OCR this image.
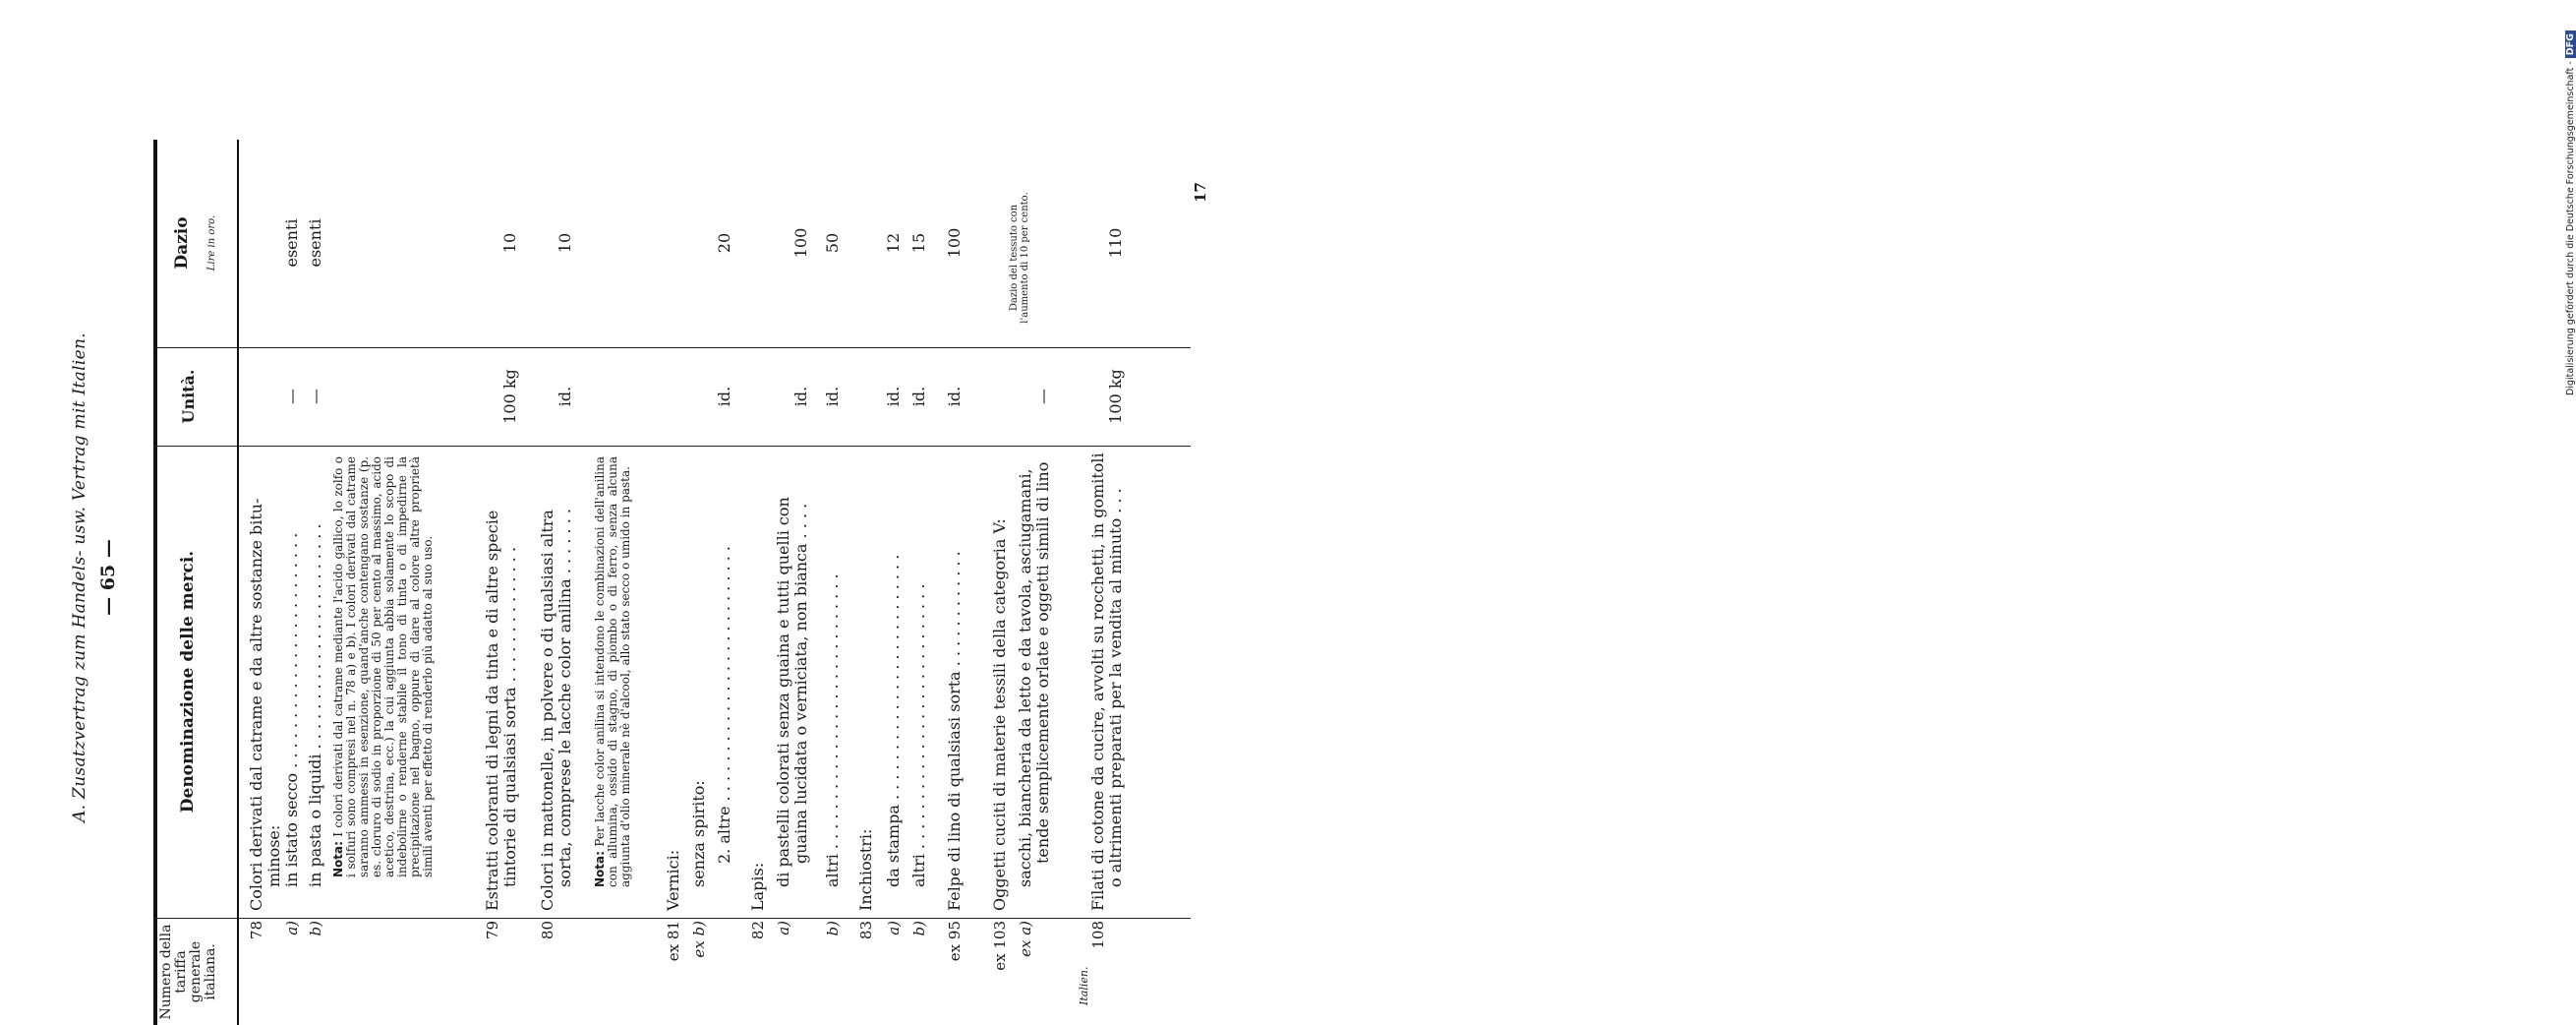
A. Zusatzvertrag zum Handels- usw. Vertrag mit Italien. — 65 —
Numero della tariffa generale italiana.
Denominazione delle merci.
Unità.
Dazio Lire in oro.
78
Colori derivati dal catrame e da altre sostanze bitu- minose:
a)
in istato secco . . . . . . . . . . . . . . . . . . . . . . . .
—
esenti
b)
in pasta o liquidi . . . . . . . . . . . . . . . . . . . . . . .
—
esenti
Nota: I colori derivati dal catrame mediante l'acido gallico, lo zolfo o i solfuri sono compresi nel n. 78 a) e b). I colori derivati dal catrame saranno ammessi in esenzione, quand'anche contengano sostanze (p. es. cloruro di sodio in proporzione di 50 per cento al massimo, acido acetico, destrina, ecc.) la cui aggiunta abbia solamente lo scopo di indebolirne o renderne stabile il tono di tinta o di impedirne la precipitazione nel bagno, oppure di dare al colore altre proprietà simili aventi per effetto di renderlo più adatto al suo uso.
79
Estratti coloranti di legni da tinta e di altre specie tintorie di qualsiasi sorta . . . . . . . . . . . . . .
100 kg
10
80
Colori in mattonelle, in polvere o di qualsiasi altra sorta, comprese le lacche color anilina . . . . . . .
id.
10
Nota: Per lacche color anilina si intendono le combinazioni dell'anilina con allumina, ossido di stagno, di piombo o di ferro, senza alcuna aggiunta d'olio minerale nè d'alcool, allo stato secco o umido in pasta.
ex 81
Vernici:
ex b)
senza spirito: 2. altre . . . . . . . . . . . . . . . . . . . . . . . . . .
id.
20
82
Lapis:
a)
di pastelli colorati senza guaina e tutti quelli con guaina lucidata o verniciata, non bianca . . . .
id.
100
b)
altri . . . . . . . . . . . . . . . . . . . . . . . . . . . .
id.
50
83
Inchiostri:
a)
da stampa . . . . . . . . . . . . . . . . . . . . . . . . .
id.
12
b)
altri . . . . . . . . . . . . . . . . . . . . . . . . . . .
id.
15
ex 95
Felpe di lino di qualsiasi sorta . . . . . . . . . . . .
id.
100
ex 103
Oggetti cuciti di materie tessili della categoria V:
ex a)
sacchi, biancheria da letto e da tavola, asciugamani, tende semplicemente orlate e oggetti simili di lino
—
Dazio del tessuto con l'aumento di 10 per cento.
108
Filati di cotone da cucire, avvolti su rocchetti, in gomitoli o altrimenti preparati per la vendita al minuto . . .
100 kg
110
Italien.
Digitalisierung gefördert durch die Deutsche Forschungsgemeinschaft -DFG
17
